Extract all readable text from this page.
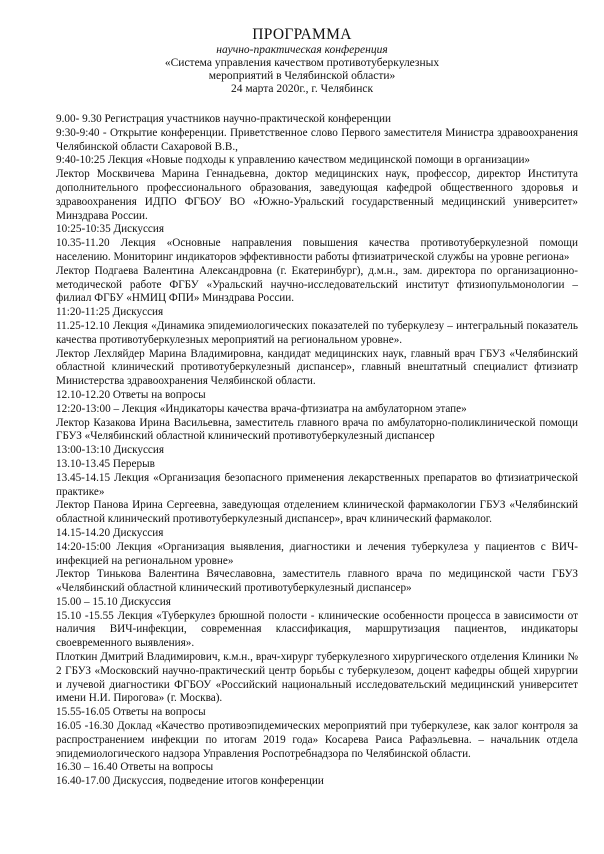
ПРОГРАММА
научно-практическая конференция
«Система управления качеством противотуберкулезных
мероприятий в Челябинской области»
24 марта 2020г., г. Челябинск

9.00- 9.30 Регистрация участников научно-практической конференции

9:30-9:40 - Открытие конференции. Приветственное слово Первого заместителя Министра здравоохранения Челябинской области Сахаровой В.В.,

9:40-10:25 Лекция «Новые подходы к управлению качеством медицинской помощи в организации»

Лектор Москвичева Марина Геннадьевна, доктор медицинских наук, профессор, директор Института дополнительного профессионального образования, заведующая кафедрой общественного здоровья и здравоохранения ИДПО ФГБОУ ВО «Южно-Уральский государственный медицинский университет» Минздрава России.

10:25-10:35 Дискуссия

10.35-11.20 Лекция «Основные направления повышения качества противотуберкулезной помощи населению. Мониторинг индикаторов эффективности работы фтизиатрической службы на уровне региона»

Лектор Подгаева Валентина Александровна (г. Екатеринбург), д.м.н., зам. директора по организационно-методической работе ФГБУ «Уральский научно-исследовательский институт фтизиопульмонологии – филиал ФГБУ «НМИЦ ФПИ» Минздрава России.

11:20-11:25 Дискуссия

11.25-12.10 Лекция «Динамика эпидемиологических показателей по туберкулезу – интегральный показатель качества противотуберкулезных мероприятий на региональном уровне».

Лектор Лехляйдер Марина Владимировна, кандидат медицинских наук, главный врач ГБУЗ «Челябинский областной клинический противотуберкулезный диспансер», главный внештатный специалист фтизиатр Министерства здравоохранения Челябинской области.

12.10-12.20 Ответы на вопросы

12:20-13:00 – Лекция «Индикаторы качества врача-фтизиатра на амбулаторном этапе»

Лектор Казакова Ирина Васильевна, заместитель главного врача по амбулаторно-поликлинической помощи ГБУЗ «Челябинский областной клинический противотуберкулезный диспансер

13:00-13:10 Дискуссия

13.10-13.45 Перерыв

13.45-14.15 Лекция «Организация безопасного применения лекарственных препаратов во фтизиатрической практике»

Лектор Панова Ирина Сергеевна, заведующая отделением клинической фармакологии ГБУЗ «Челябинский областной клинический противотуберкулезный диспансер», врач клинический фармаколог.

14.15-14.20 Дискуссия

14:20-15:00 Лекция «Организация выявления, диагностики и лечения туберкулеза у пациентов с ВИЧ-инфекцией на региональном уровне»

Лектор Тинькова Валентина Вячеславовна, заместитель главного врача по медицинской части ГБУЗ «Челябинский областной клинический противотуберкулезный диспансер»

15.00 – 15.10 Дискуссия

15.10 -15.55 Лекция «Туберкулез брюшной полости - клинические особенности процесса в зависимости от наличия ВИЧ-инфекции, современная классификация, маршрутизация пациентов, индикаторы своевременного выявления».

Плоткин Дмитрий Владимирович, к.м.н., врач-хирург туберкулезного хирургического отделения Клиники № 2 ГБУЗ «Московский научно-практический центр борьбы с туберкулезом, доцент кафедры общей хирургии и лучевой диагностики ФГБОУ «Российский национальный исследовательский медицинский университет имени Н.И. Пирогова» (г. Москва).

15.55-16.05 Ответы на вопросы

16.05 -16.30 Доклад «Качество противоэпидемических мероприятий при туберкулезе, как залог контроля за распространением инфекции по итогам 2019 года» Косарева Раиса Рафаэльевна. – начальник отдела эпидемиологического надзора Управления Роспотребнадзора по Челябинской области.

16.30 – 16.40 Ответы на вопросы

16.40-17.00 Дискуссия, подведение итогов конференции
